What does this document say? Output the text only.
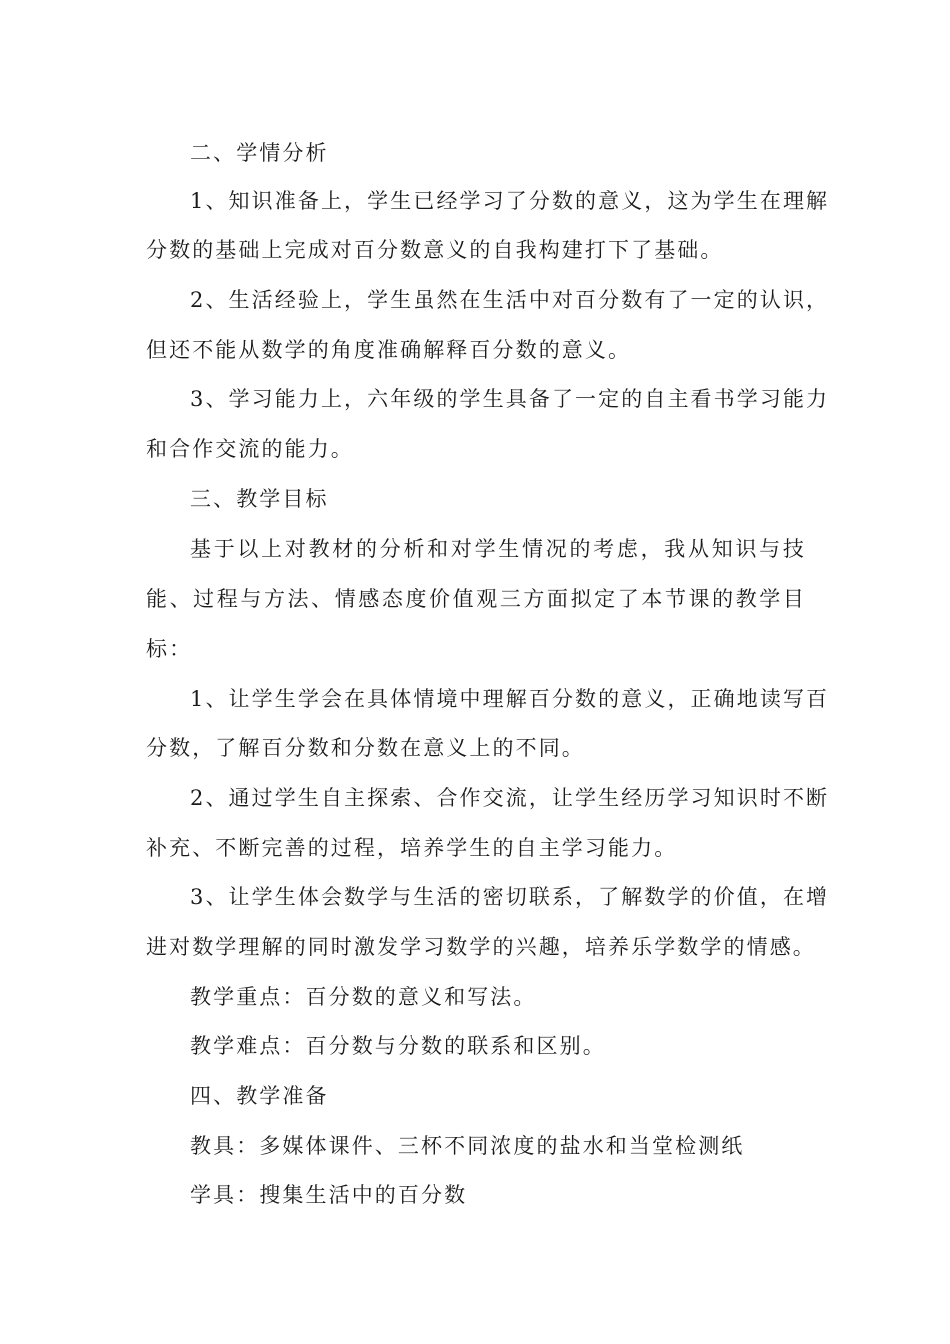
二、学情分析
1、知识准备上，学生已经学习了分数的意义，这为学生在理解
分数的基础上完成对百分数意义的自我构建打下了基础。
2、生活经验上，学生虽然在生活中对百分数有了一定的认识，
但还不能从数学的角度准确解释百分数的意义。
3、学习能力上，六年级的学生具备了一定的自主看书学习能力
和合作交流的能力。
三、教学目标
基于以上对教材的分析和对学生情况的考虑，我从知识与技
能、过程与方法、情感态度价值观三方面拟定了本节课的教学目
标：
1、让学生学会在具体情境中理解百分数的意义，正确地读写百
分数，了解百分数和分数在意义上的不同。
2、通过学生自主探索、合作交流，让学生经历学习知识时不断
补充、不断完善的过程，培养学生的自主学习能力。
3、让学生体会数学与生活的密切联系，了解数学的价值，在增
进对数学理解的同时激发学习数学的兴趣，培养乐学数学的情感。
教学重点：百分数的意义和写法。
教学难点：百分数与分数的联系和区别。
四、教学准备
教具：多媒体课件、三杯不同浓度的盐水和当堂检测纸
学具：搜集生活中的百分数
